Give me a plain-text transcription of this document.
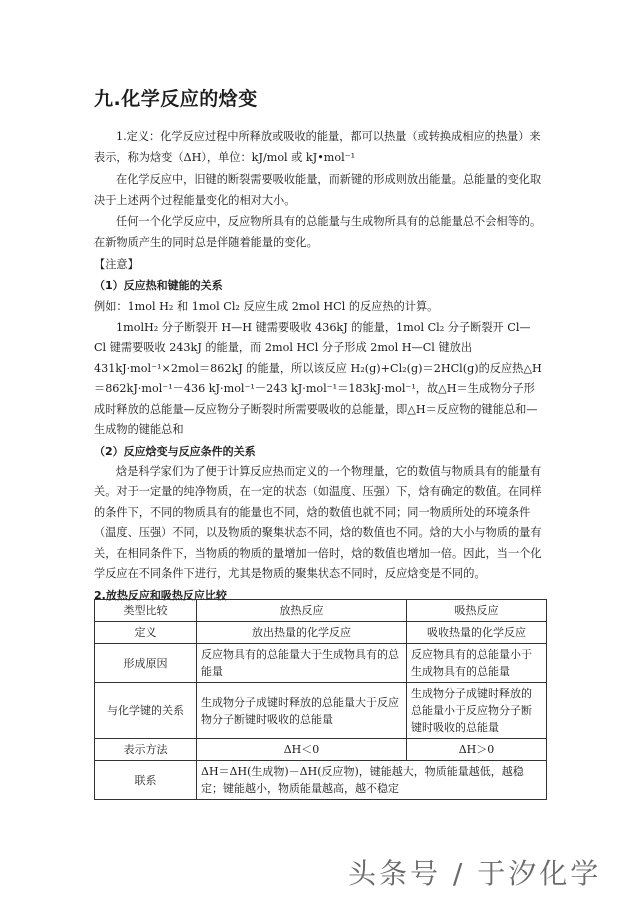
九.化学反应的焓变

1.定义：化学反应过程中所释放或吸收的能量，都可以热量（或转换成相应的热量）来表示，称为焓变（ΔH），单位：kJ/mol 或 kJ•mol⁻¹

在化学反应中，旧键的断裂需要吸收能量，而新键的形成则放出能量。总能量的变化取决于上述两个过程能量变化的相对大小。

任何一个化学反应中，反应物所具有的总能量与生成物所具有的总能量总不会相等的。在新物质产生的同时总是伴随着能量的变化。

【注意】

（1）反应热和键能的关系

例如：1mol H₂ 和 1mol Cl₂ 反应生成 2mol HCl 的反应热的计算。

1molH₂ 分子断裂开 H—H 键需要吸收 436kJ 的能量，1mol Cl₂ 分子断裂开 Cl—Cl 键需要吸收 243kJ 的能量，而 2mol HCl 分子形成 2mol H—Cl 键放出 431kJ·mol⁻¹×2mol＝862kJ 的能量，所以该反应 H₂(g)+Cl₂(g)＝2HCl(g)的反应热△H＝862kJ·mol⁻¹－436 kJ·mol⁻¹－243 kJ·mol⁻¹＝183kJ·mol⁻¹，故△H＝生成物分子形成时释放的总能量—反应物分子断裂时所需要吸收的总能量，即△H＝反应物的键能总和—生成物的键能总和

（2）反应焓变与反应条件的关系

焓是科学家们为了便于计算反应热而定义的一个物理量，它的数值与物质具有的能量有关。对于一定量的纯净物质，在一定的状态（如温度、压强）下，焓有确定的数值。在同样的条件下，不同的物质具有的能量也不同，焓的数值也就不同；同一物质所处的环境条件（温度、压强）不同，以及物质的聚集状态不同，焓的数值也不同。焓的大小与物质的量有关，在相同条件下，当物质的物质的量增加一倍时，焓的数值也增加一倍。因此，当一个化学反应在不同条件下进行，尤其是物质的聚集状态不同时，反应焓变是不同的。

2.放热反应和吸热反应比较

类型比较	放热反应	吸热反应
定义	放出热量的化学反应	吸收热量的化学反应
形成原因	反应物具有的总能量大于生成物具有的总能量	反应物具有的总能量小于生成物具有的总能量
与化学键的关系	生成物分子成键时释放的总能量大于反应物分子断键时吸收的总能量	生成物分子成键时释放的总能量小于反应物分子断键时吸收的总能量
表示方法	ΔH＜0	ΔH＞0
联系	ΔH＝ΔH(生成物)－ΔH(反应物)，键能越大，物质能量越低，越稳定；键能越小，物质能量越高，越不稳定	
头条号 / 于汐化学
